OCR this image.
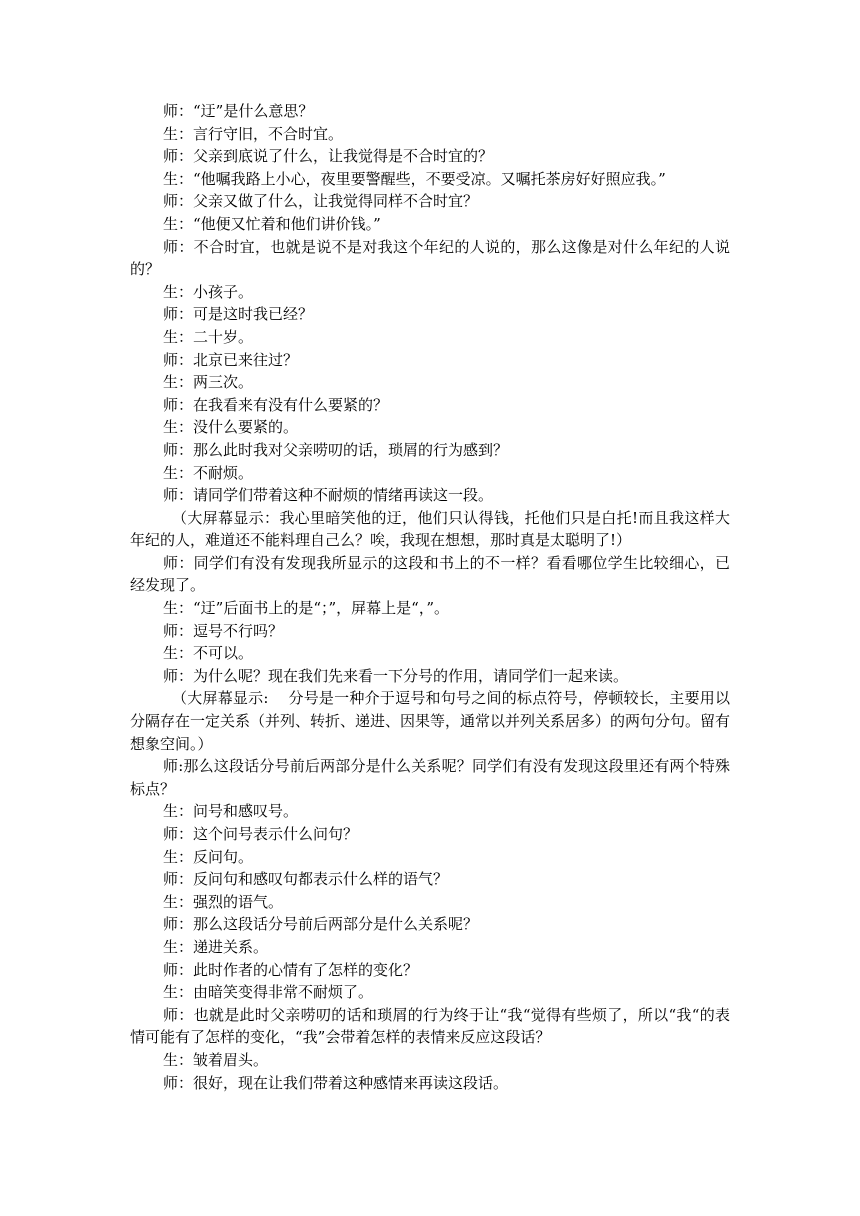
师：“迂”是什么意思？

生：言行守旧，不合时宜。

师：父亲到底说了什么，让我觉得是不合时宜的？

生：“他嘱我路上小心，夜里要警醒些，不要受凉。又嘱托茶房好好照应我。”

师：父亲又做了什么，让我觉得同样不合时宜？

生：“他便又忙着和他们讲价钱。”

师：不合时宜，也就是说不是对我这个年纪的人说的，那么这像是对什么年纪的人说的？

生：小孩子。

师：可是这时我已经？

生：二十岁。

师：北京已来往过？

生：两三次。

师：在我看来有没有什么要紧的？

生：没什么要紧的。

师：那么此时我对父亲唠叨的话，琐屑的行为感到？

生：不耐烦。

师：请同学们带着这种不耐烦的情绪再读这一段。

（大屏幕显示：我心里暗笑他的迂，他们只认得钱，托他们只是白托!而且我这样大年纪的人，难道还不能料理自己么？唉，我现在想想，那时真是太聪明了!）

师：同学们有没有发现我所显示的这段和书上的不一样？看看哪位学生比较细心，已经发现了。

生：“迂”后面书上的是“；”，屏幕上是“，”。

师：逗号不行吗？

生：不可以。

师：为什么呢？现在我们先来看一下分号的作用，请同学们一起来读。

（大屏幕显示:    分号是一种介于逗号和句号之间的标点符号，停顿较长，主要用以分隔存在一定关系（并列、转折、递进、因果等，通常以并列关系居多）的两句分句。留有想象空间。）

师:那么这段话分号前后两部分是什么关系呢？同学们有没有发现这段里还有两个特殊标点？

生：问号和感叹号。

师：这个问号表示什么问句？

生：反问句。

师：反问句和感叹句都表示什么样的语气？

生：强烈的语气。

师：那么这段话分号前后两部分是什么关系呢？

生：递进关系。

师：此时作者的心情有了怎样的变化？

生：由暗笑变得非常不耐烦了。

师：也就是此时父亲唠叨的话和琐屑的行为终于让“我“觉得有些烦了，所以“我“的表情可能有了怎样的变化，“我”会带着怎样的表情来反应这段话？

生：皱着眉头。

师：很好，现在让我们带着这种感情来再读这段话。
